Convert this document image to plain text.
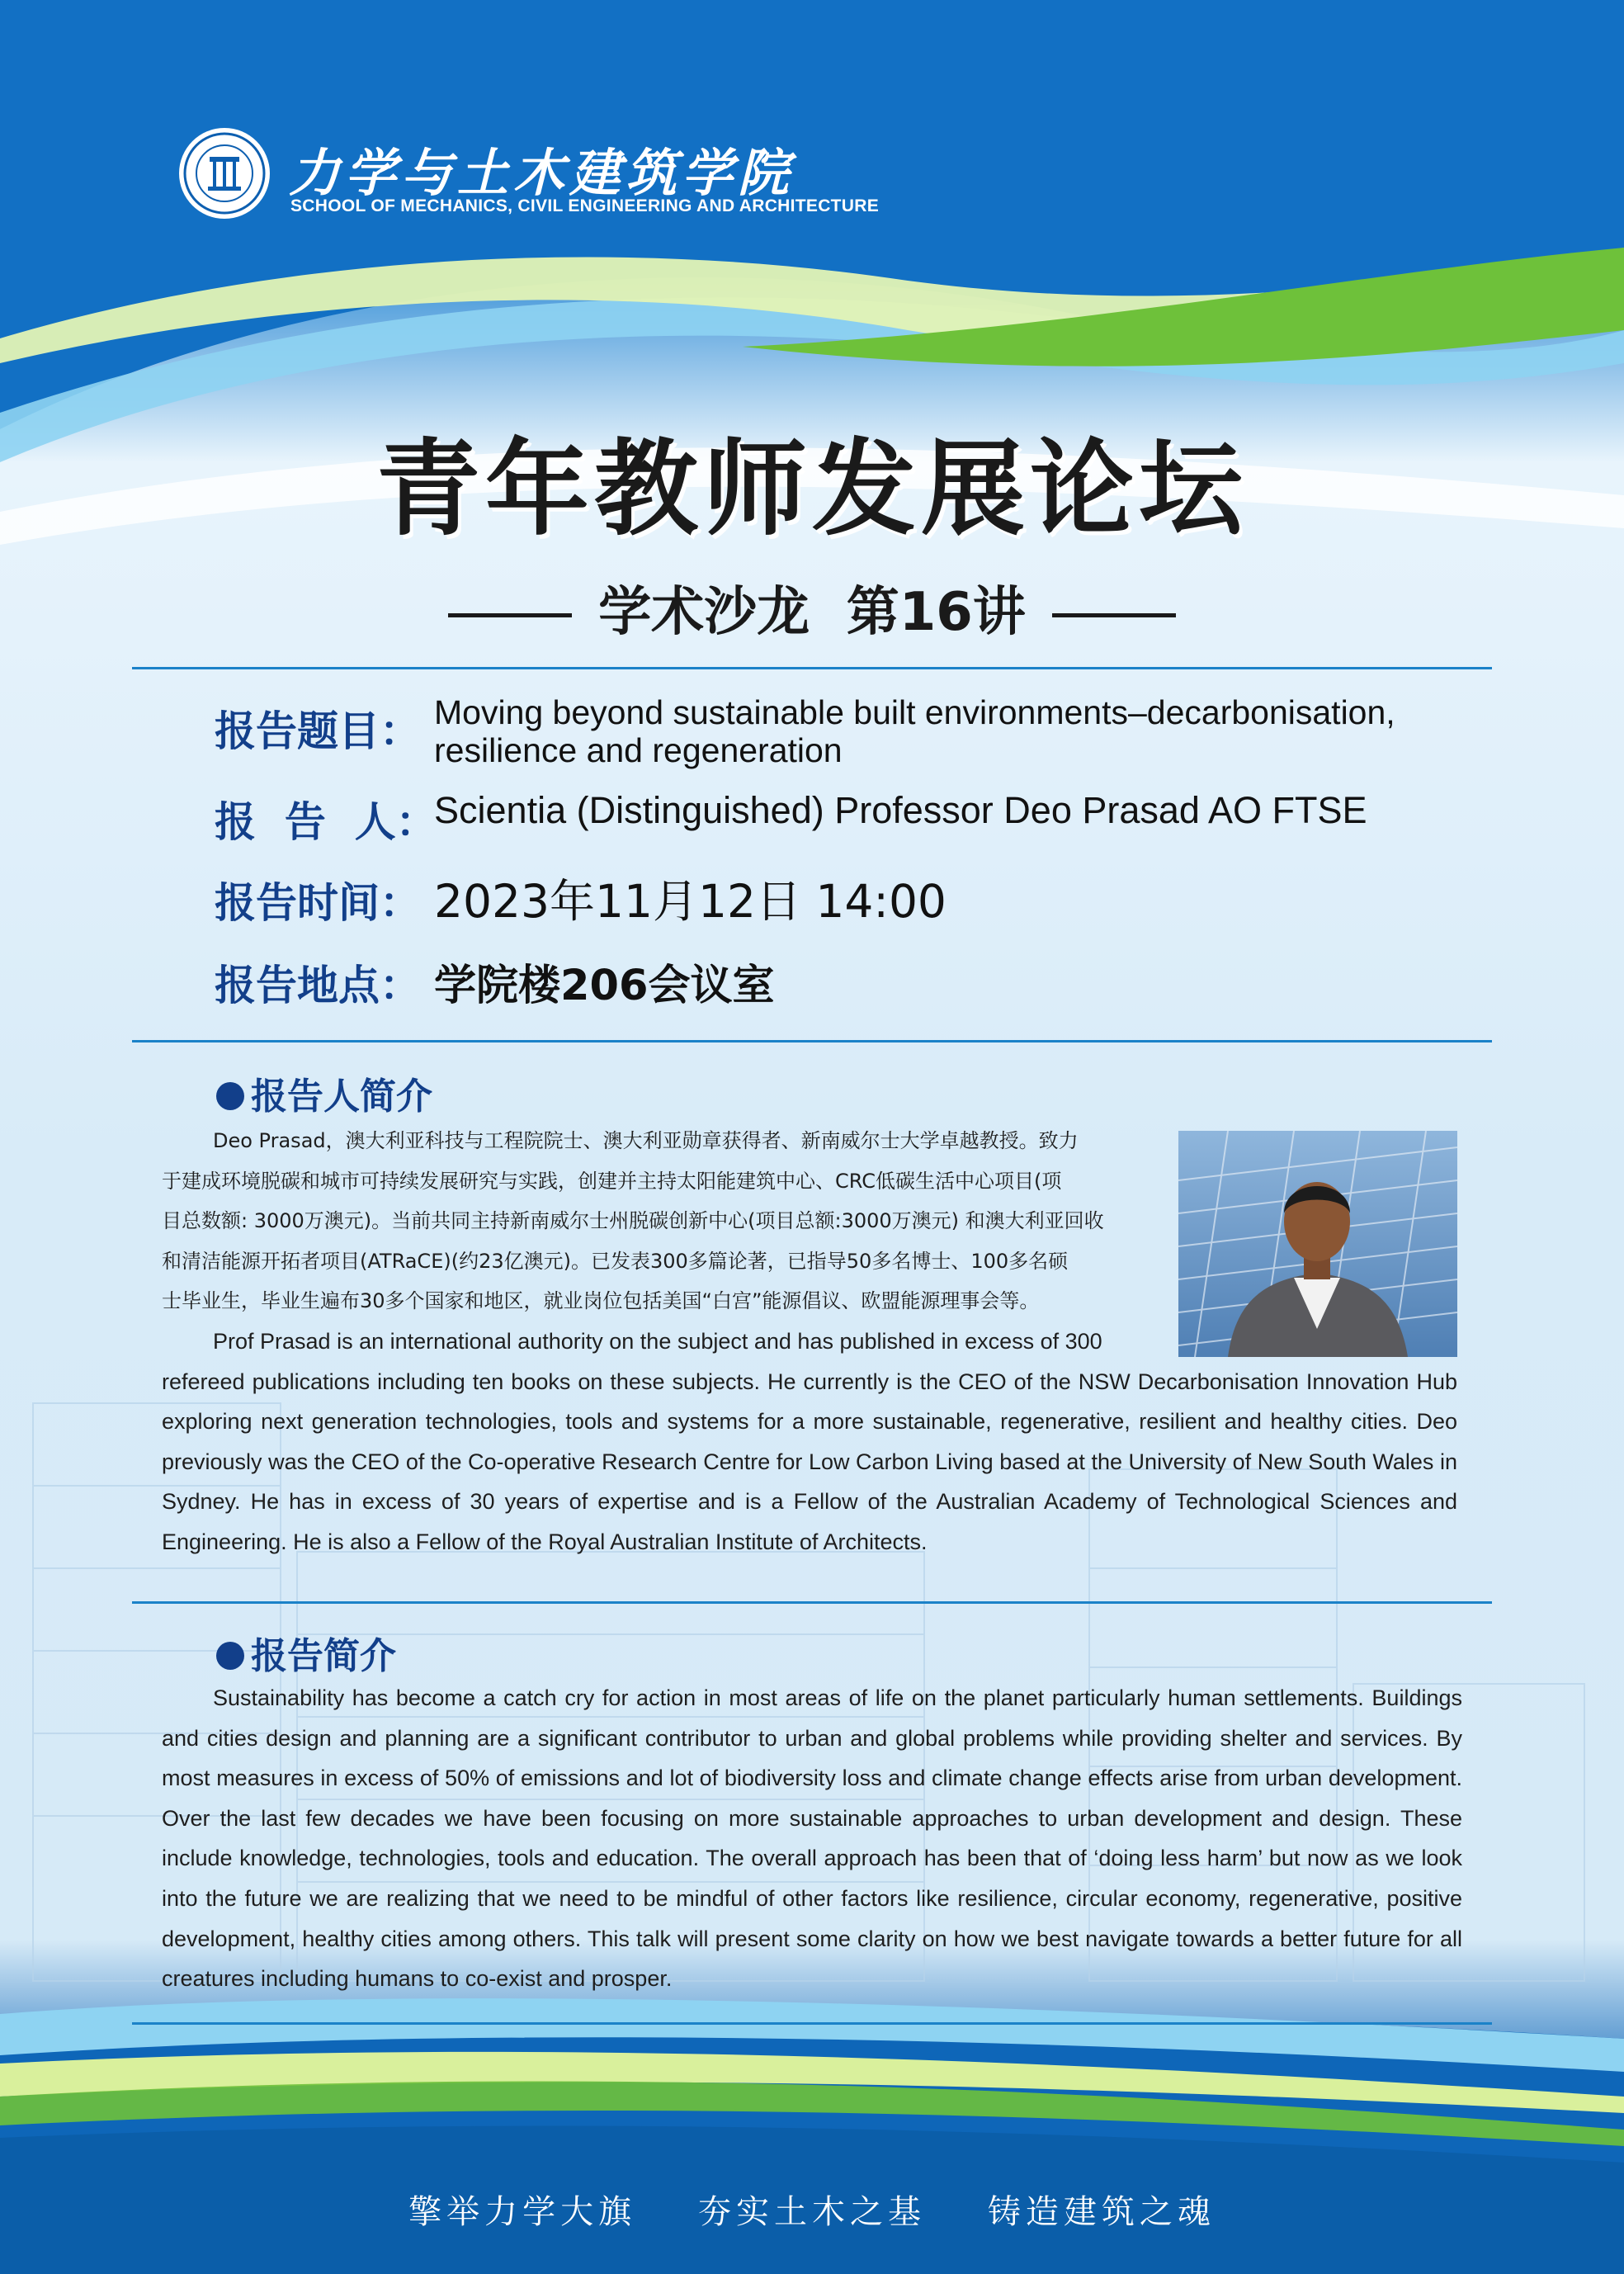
力学与土木建筑学院
SCHOOL OF MECHANICS, CIVIL ENGINEERING AND ARCHITECTURE
青年教师发展论坛
学术沙龙  第16讲
报告题目： Moving beyond sustainable built environments–decarbonisation,
resilience and regeneration
报  告  人：
Scientia (Distinguished) Professor Deo Prasad AO FTSE
报告时间： 2023年11月12日 14:00
报告地点： 学院楼206会议室
报告人简介
Deo Prasad，澳大利亚科技与工程院院士、澳大利亚勋章获得者、新南威尔士大学卓越教授。致力
于建成环境脱碳和城市可持续发展研究与实践，创建并主持太阳能建筑中心、CRC低碳生活中心项目(项
目总数额: 3000万澳元)。当前共同主持新南威尔士州脱碳创新中心(项目总额:3000万澳元) 和澳大利亚回收
和清洁能源开拓者项目(ATRaCE)(约23亿澳元)。已发表300多篇论著，已指导50多名博士、100多名硕
士毕业生，毕业生遍布30多个国家和地区，就业岗位包括美国“白宫”能源倡议、欧盟能源理事会等。
Prof Prasad is an international authority on the subject and has published in excess of 300
refereed publications including ten books on these subjects. He currently is the CEO of the NSW Decarbonisation Innovation Hub exploring next generation technologies, tools and systems for a more sustainable, regenerative, resilient and healthy cities. Deo previously was the CEO of the Co-operative Research Centre for Low Carbon Living based at the University of New South Wales in Sydney. He has in excess of 30 years of expertise and is a Fellow of the Australian Academy of Technological Sciences and Engineering. He is also a Fellow of the Royal Australian Institute of Architects.
报告简介
Sustainability has become a catch cry for action in most areas of life on the planet particularly human settlements. Buildings and cities design and planning are a significant contributor to urban and global problems while providing shelter and services. By most measures in excess of 50% of emissions and lot of biodiversity loss and climate change effects arise from urban development. Over the last few decades we have been focusing on more sustainable approaches to urban development and design. These include knowledge, technologies, tools and education. The overall approach has been that of ‘doing less harm’ but now as we look into the future we are realizing that we need to be mindful of other factors like resilience, circular economy, regenerative, positive development, healthy cities among others. This talk will present some clarity on how we best navigate towards a better future for all creatures including humans to co-exist and prosper.
擎举力学大旗    夯实土木之基    铸造建筑之魂
